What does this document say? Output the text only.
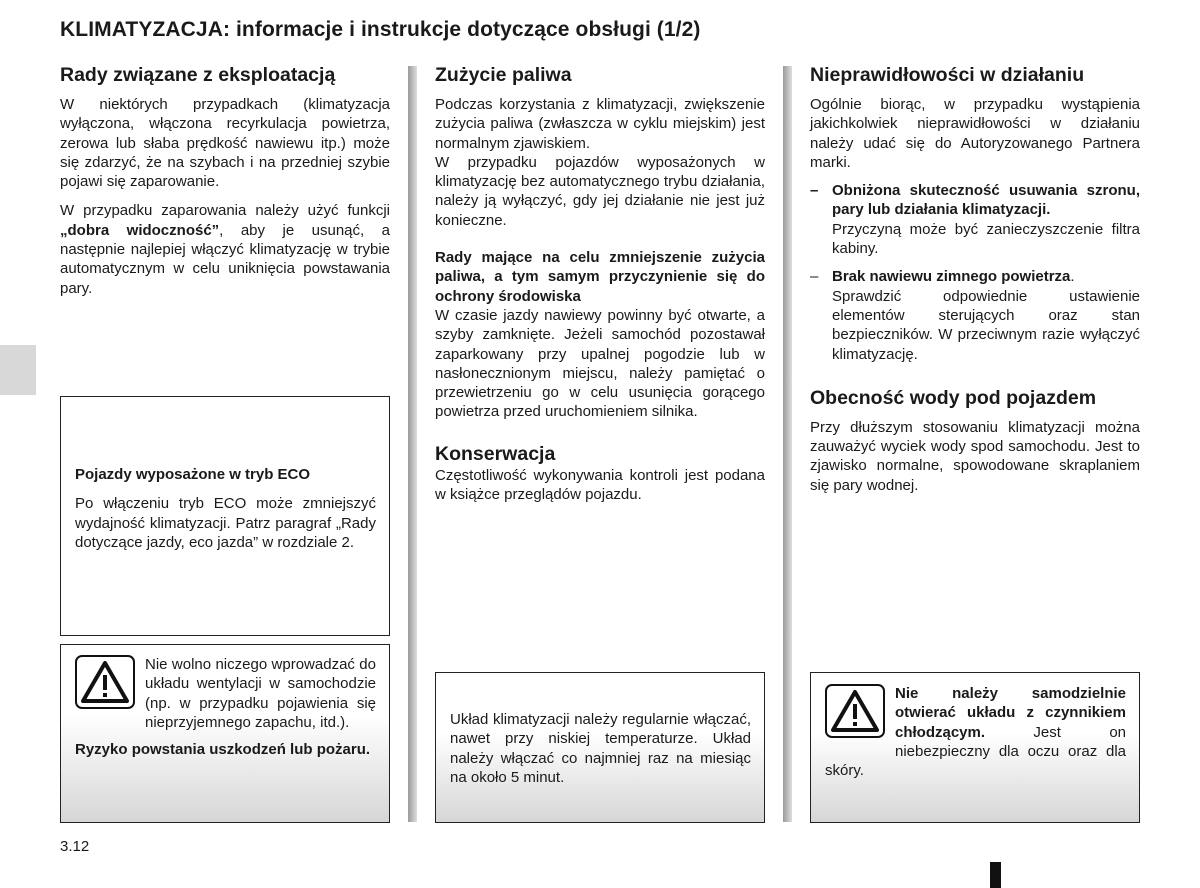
KLIMATYZACJA: informacje i instrukcje dotyczące obsługi (1/2)
Rady związane z eksploatacją

W niektórych przypadkach (klimatyzacja wyłączona, włączona recyrkulacja powietrza, zerowa lub słaba prędkość nawiewu itp.) może się zdarzyć, że na szybach i na przedniej szybie pojawi się zaparowanie.

W przypadku zaparowania należy użyć funkcji „dobra widoczność”, aby je usunąć, a następnie najlepiej włączyć klimatyzację w trybie automatycznym w celu uniknięcia powstawania pary.

Pojazdy wyposażone w tryb ECO

Po włączeniu tryb ECO może zmniejszyć wydajność klimatyzacji. Patrz paragraf „Rady dotyczące jazdy, eco jazda” w rozdziale 2.

Nie wolno niczego wprowadzać do układu wentylacji w samochodzie (np. w przypadku pojawienia się nieprzyjemnego zapachu, itd.).

Ryzyko powstania uszkodzeń lub pożaru.

Zużycie paliwa

Podczas korzystania z klimatyzacji, zwiększenie zużycia paliwa (zwłaszcza w cyklu miejskim) jest normalnym zjawiskiem.

W przypadku pojazdów wyposażonych w klimatyzację bez automatycznego trybu działania, należy ją wyłączyć, gdy jej działanie nie jest już konieczne.

Rady mające na celu zmniejszenie zużycia paliwa, a tym samym przyczynienie się do ochrony środowiska

W czasie jazdy nawiewy powinny być otwarte, a szyby zamknięte. Jeżeli samochód pozostawał zaparkowany przy upalnej pogodzie lub w nasłonecznionym miejscu, należy pamiętać o przewietrzeniu go w celu usunięcia gorącego powietrza przed uruchomieniem silnika.

Konserwacja

Częstotliwość wykonywania kontroli jest podana w książce przeglądów pojazdu.

Układ klimatyzacji należy regularnie włączać, nawet przy niskiej temperaturze. Układ należy włączać co najmniej raz na miesiąc na około 5 minut.

Nieprawidłowości w działaniu

Ogólnie biorąc, w przypadku wystąpienia jakichkolwiek nieprawidłowości w działaniu należy udać się do Autoryzowanego Partnera marki.

– Obniżona skuteczność usuwania szronu, pary lub działania klimatyzacji.

Przyczyną może być zanieczyszczenie filtra kabiny.

– Brak nawiewu zimnego powietrza.

Sprawdzić odpowiednie ustawienie elementów sterujących oraz stan bezpieczników. W przeciwnym razie wyłączyć klimatyzację.

Obecność wody pod pojazdem

Przy dłuższym stosowaniu klimatyzacji można zauważyć wyciek wody spod samochodu. Jest to zjawisko normalne, spowodowane skraplaniem się pary wodnej.

Nie należy samodzielnie otwierać układu z czynnikiem chłodzącym. Jest on niebezpieczny dla oczu oraz dla skóry.

3.12
